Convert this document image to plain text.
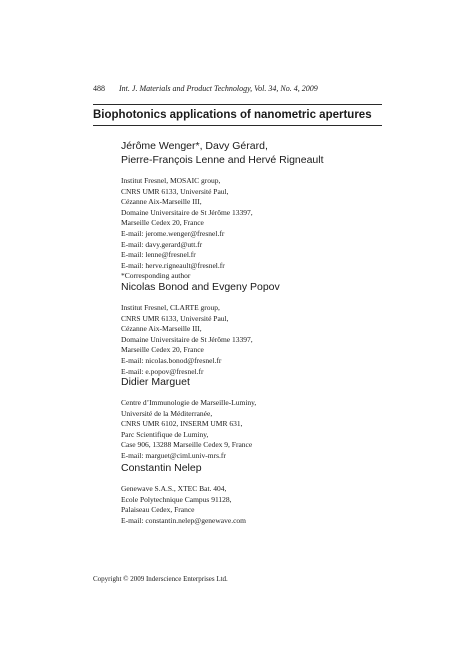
488 Int. J. Materials and Product Technology, Vol. 34, No. 4, 2009
Biophotonics applications of nanometric apertures
Jérôme Wenger*, Davy Gérard,
Pierre-François Lenne and Hervé Rigneault
Institut Fresnel, MOSAIC group,
CNRS UMR 6133, Université Paul,
Cézanne Aix-Marseille III,
Domaine Universitaire de St Jérôme 13397,
Marseille Cedex 20, France
E-mail: jerome.wenger@fresnel.fr
E-mail: davy.gerard@utt.fr
E-mail: lenne@fresnel.fr
E-mail: herve.rigneault@fresnel.fr
*Corresponding author
Nicolas Bonod and Evgeny Popov
Institut Fresnel, CLARTE group,
CNRS UMR 6133, Université Paul,
Cézanne Aix-Marseille III,
Domaine Universitaire de St Jérôme 13397,
Marseille Cedex 20, France
E-mail: nicolas.bonod@fresnel.fr
E-mail: e.popov@fresnel.fr
Didier Marguet
Centre d’Immunologie de Marseille-Luminy,
Université de la Méditerranée,
CNRS UMR 6102, INSERM UMR 631,
Parc Scientifique de Luminy,
Case 906, 13288 Marseille Cedex 9, France
E-mail: marguet@ciml.univ-mrs.fr
Constantin Nelep
Genewave S.A.S., XTEC Bat. 404,
Ecole Polytechnique Campus 91128,
Palaiseau Cedex, France
E-mail: constantin.nelep@genewave.com
Copyright © 2009 Inderscience Enterprises Ltd.
